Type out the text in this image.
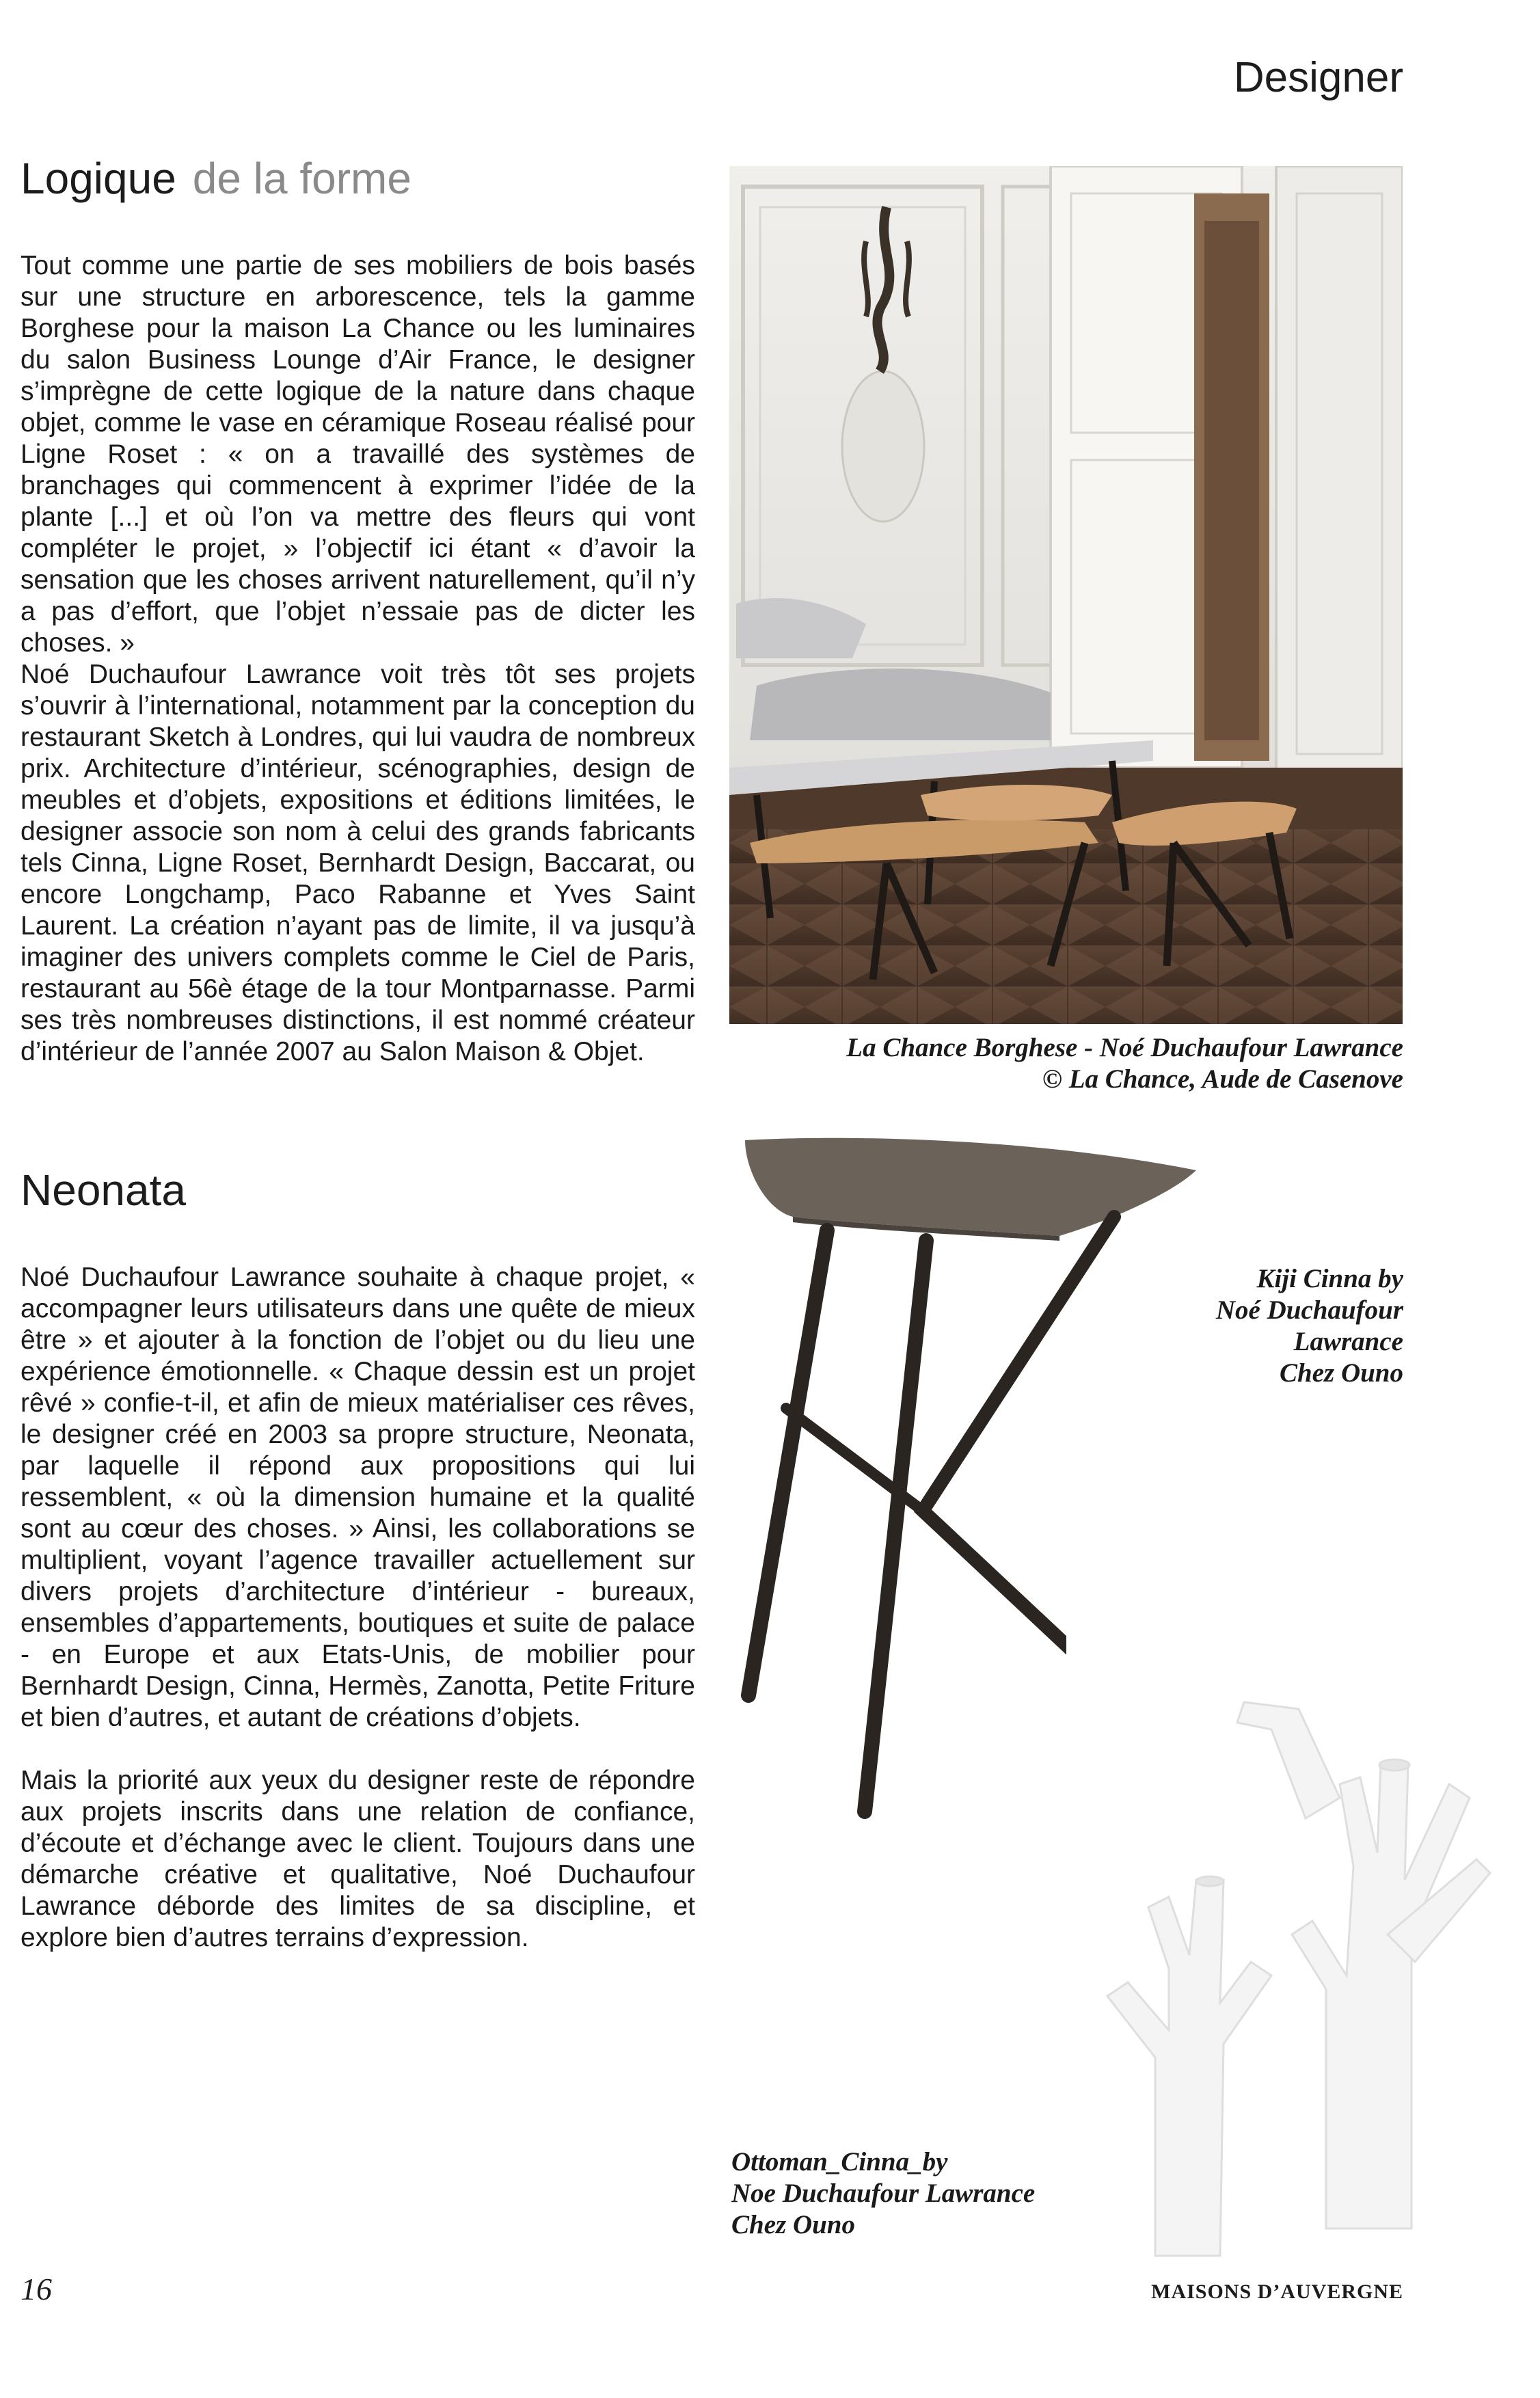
Designer
Logique de la forme

Tout comme une partie de ses mobiliers de bois basés sur une structure en arborescence, tels la gamme Borghese pour la maison La Chance ou les luminaires du salon Business Lounge d’Air France, le designer s’imprègne de cette logique de la nature dans chaque objet, comme le vase en céramique Roseau réalisé pour Ligne Roset : « on a travaillé des systèmes de branchages qui commencent à exprimer l’idée de la plante [...] et où l’on va mettre des fleurs qui vont compléter le projet, » l’objectif ici étant « d’avoir la sensation que les choses arrivent naturellement, qu’il n’y a pas d’effort, que l’objet n’essaie pas de dicter les choses. »

Noé Duchaufour Lawrance voit très tôt ses projets s’ouvrir à l’international, notamment par la conception du restaurant Sketch à Londres, qui lui vaudra de nombreux prix. Architecture d’intérieur, scénographies, design de meubles et d’objets, expositions et éditions limitées, le designer associe son nom à celui des grands fabricants tels Cinna, Ligne Roset, Bernhardt Design, Baccarat, ou encore Longchamp, Paco Rabanne et Yves Saint Laurent. La création n’ayant pas de limite, il va jusqu’à imaginer des univers complets comme le Ciel de Paris, restaurant au 56è étage de la tour Montparnasse. Parmi ses très nombreuses distinctions, il est nommé créateur d’intérieur de l’année 2007 au Salon Maison & Objet.	La Chance Borghese - Noé Duchaufour Lawrance
© La Chance, Aude de Casenove
Neonata

Noé Duchaufour Lawrance souhaite à chaque projet, « accompagner leurs utilisateurs dans une quête de mieux être » et ajouter à la fonction de l’objet ou du lieu une expérience émotionnelle. « Chaque dessin est un projet rêvé » confie-t-il, et afin de mieux matérialiser ces rêves, le designer créé en 2003 sa propre structure, Neonata, par laquelle il répond aux propositions qui lui ressemblent, « où la dimension humaine et la qualité sont au cœur des choses. » Ainsi, les collaborations se multiplient, voyant l’agence travailler actuellement sur divers projets d’architecture d’intérieur - bureaux, ensembles d’appartements, boutiques et suite de palace - en Europe et aux Etats-Unis, de mobilier pour Bernhardt Design, Cinna, Hermès, Zanotta, Petite Friture et bien d’autres, et autant de créations d’objets.

Mais la priorité aux yeux du designer reste de répondre aux projets inscrits dans une relation de confiance, d’écoute et d’échange avec le client. Toujours dans une démarche créative et qualitative, Noé Duchaufour Lawrance déborde des limites de sa discipline, et explore bien d’autres terrains d’expression.

Kiji Cinna by
Noé Duchaufour
Lawrance
Chez Ouno
Ottoman_Cinna_by
Noe Duchaufour Lawrance
Chez Ouno
16	MAISONS D’AUVERGNE
